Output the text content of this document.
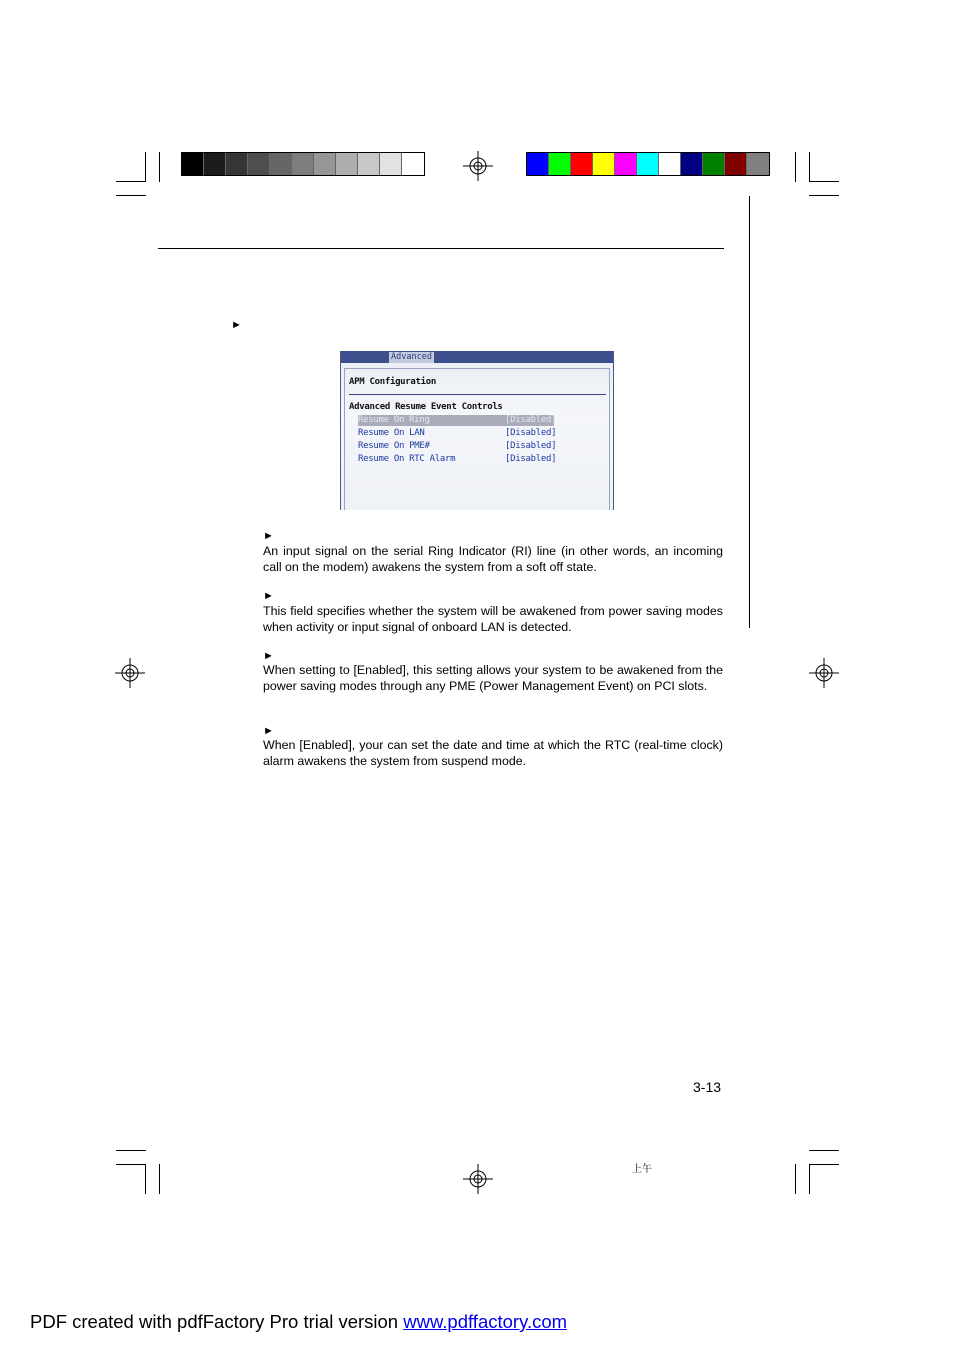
►
Advanced
APM Configuration
Advanced Resume Event Controls
Resume On Ring	[Disabled]
Resume On LAN	[Disabled]
Resume On PME#	[Disabled]
Resume On RTC Alarm	[Disabled]
►

An input signal on the serial Ring Indicator (RI) line (in other words, an incoming call on the modem) awakens the system from a soft off state.

►

This field specifies whether the system will be awakened from power saving modes when activity or input signal of onboard LAN is detected.

►

When setting to [Enabled], this setting allows your system to be awakened from the power saving modes through any PME (Power Management Event) on PCI slots.

►

When [Enabled], your can set the date and time at which the RTC (real-time clock) alarm awakens the system from suspend mode.

3-13
上午
PDF created with pdfFactory Pro trial version www.pdffactory.com
